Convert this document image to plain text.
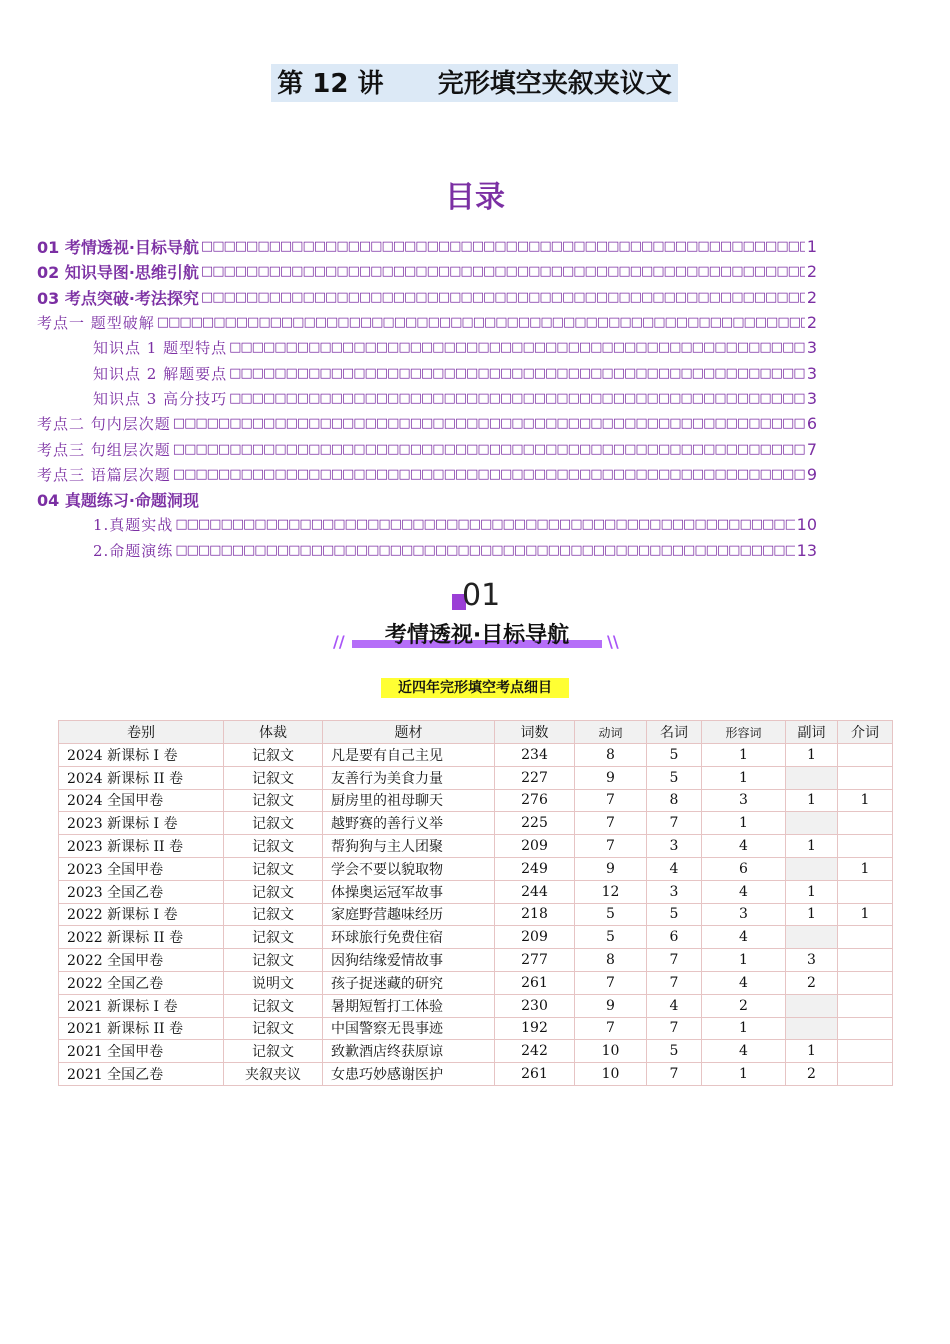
第 12 讲      完形填空夹叙夹议文
目录
01 考情透视·目标导航 □□□□□□□□□□□□□□□□□□□□□□□□□□□□□□□□□□□□□□□□□□□□□□□□□□□□□□□□□□□□□□□□□□□□□□□□□□□□□□□□□□□□□□□□□□□□□	1
02 知识导图·思维引航 □□□□□□□□□□□□□□□□□□□□□□□□□□□□□□□□□□□□□□□□□□□□□□□□□□□□□□□□□□□□□□□□□□□□□□□□□□□□□□□□□□□□□□□□□□□□□	2
03 考点突破·考法探究 □□□□□□□□□□□□□□□□□□□□□□□□□□□□□□□□□□□□□□□□□□□□□□□□□□□□□□□□□□□□□□□□□□□□□□□□□□□□□□□□□□□□□□□□□□□□□	2
考点一 题型破解 □□□□□□□□□□□□□□□□□□□□□□□□□□□□□□□□□□□□□□□□□□□□□□□□□□□□□□□□□□□□□□□□□□□□□□□□□□□□□□□□□□□□□□□□□□□□□	2
知识点 1 题型特点 □□□□□□□□□□□□□□□□□□□□□□□□□□□□□□□□□□□□□□□□□□□□□□□□□□□□□□□□□□□□□□□□□□□□□□□□□□□□□□□□□□□□□□□□□□□□□	3
知识点 2 解题要点 □□□□□□□□□□□□□□□□□□□□□□□□□□□□□□□□□□□□□□□□□□□□□□□□□□□□□□□□□□□□□□□□□□□□□□□□□□□□□□□□□□□□□□□□□□□□□	3
知识点 3 高分技巧 □□□□□□□□□□□□□□□□□□□□□□□□□□□□□□□□□□□□□□□□□□□□□□□□□□□□□□□□□□□□□□□□□□□□□□□□□□□□□□□□□□□□□□□□□□□□□	3
考点二 句内层次题 □□□□□□□□□□□□□□□□□□□□□□□□□□□□□□□□□□□□□□□□□□□□□□□□□□□□□□□□□□□□□□□□□□□□□□□□□□□□□□□□□□□□□□□□□□□□□	6
考点三 句组层次题 □□□□□□□□□□□□□□□□□□□□□□□□□□□□□□□□□□□□□□□□□□□□□□□□□□□□□□□□□□□□□□□□□□□□□□□□□□□□□□□□□□□□□□□□□□□□□	7
考点三 语篇层次题 □□□□□□□□□□□□□□□□□□□□□□□□□□□□□□□□□□□□□□□□□□□□□□□□□□□□□□□□□□□□□□□□□□□□□□□□□□□□□□□□□□□□□□□□□□□□□	9
04 真题练习·命题洞现
1.真题实战 □□□□□□□□□□□□□□□□□□□□□□□□□□□□□□□□□□□□□□□□□□□□□□□□□□□□□□□□□□□□□□□□□□□□□□□□□□□□□□□□□□□□□□□□□□□□□	10
2.命题演练 □□□□□□□□□□□□□□□□□□□□□□□□□□□□□□□□□□□□□□□□□□□□□□□□□□□□□□□□□□□□□□□□□□□□□□□□□□□□□□□□□□□□□□□□□□□□□	13
01
//	考情透视·目标导航	\\
近四年完形填空考点细目
卷别	体裁	题材	词数	动词	名词	形容词	副词	介词
2024 新课标 I 卷	记叙文	凡是要有自己主见	234	8	5	1	1	
2024 新课标 II 卷	记叙文	友善行为美食力量	227	9	5	1		
2024 全国甲卷	记叙文	厨房里的祖母聊天	276	7	8	3	1	1
2023 新课标 I 卷	记叙文	越野赛的善行义举	225	7	7	1		
2023 新课标 II 卷	记叙文	帮狗狗与主人团聚	209	7	3	4	1	
2023 全国甲卷	记叙文	学会不要以貌取物	249	9	4	6		1
2023 全国乙卷	记叙文	体操奥运冠军故事	244	12	3	4	1	
2022 新课标 I 卷	记叙文	家庭野营趣味经历	218	5	5	3	1	1
2022 新课标 II 卷	记叙文	环球旅行免费住宿	209	5	6	4		
2022 全国甲卷	记叙文	因狗结缘爱情故事	277	8	7	1	3	
2022 全国乙卷	说明文	孩子捉迷藏的研究	261	7	7	4	2	
2021 新课标 I 卷	记叙文	暑期短暂打工体验	230	9	4	2		
2021 新课标 II 卷	记叙文	中国警察无畏事迹	192	7	7	1		
2021 全国甲卷	记叙文	致歉酒店终获原谅	242	10	5	4	1	
2021 全国乙卷	夹叙夹议	女患巧妙感谢医护	261	10	7	1	2	
